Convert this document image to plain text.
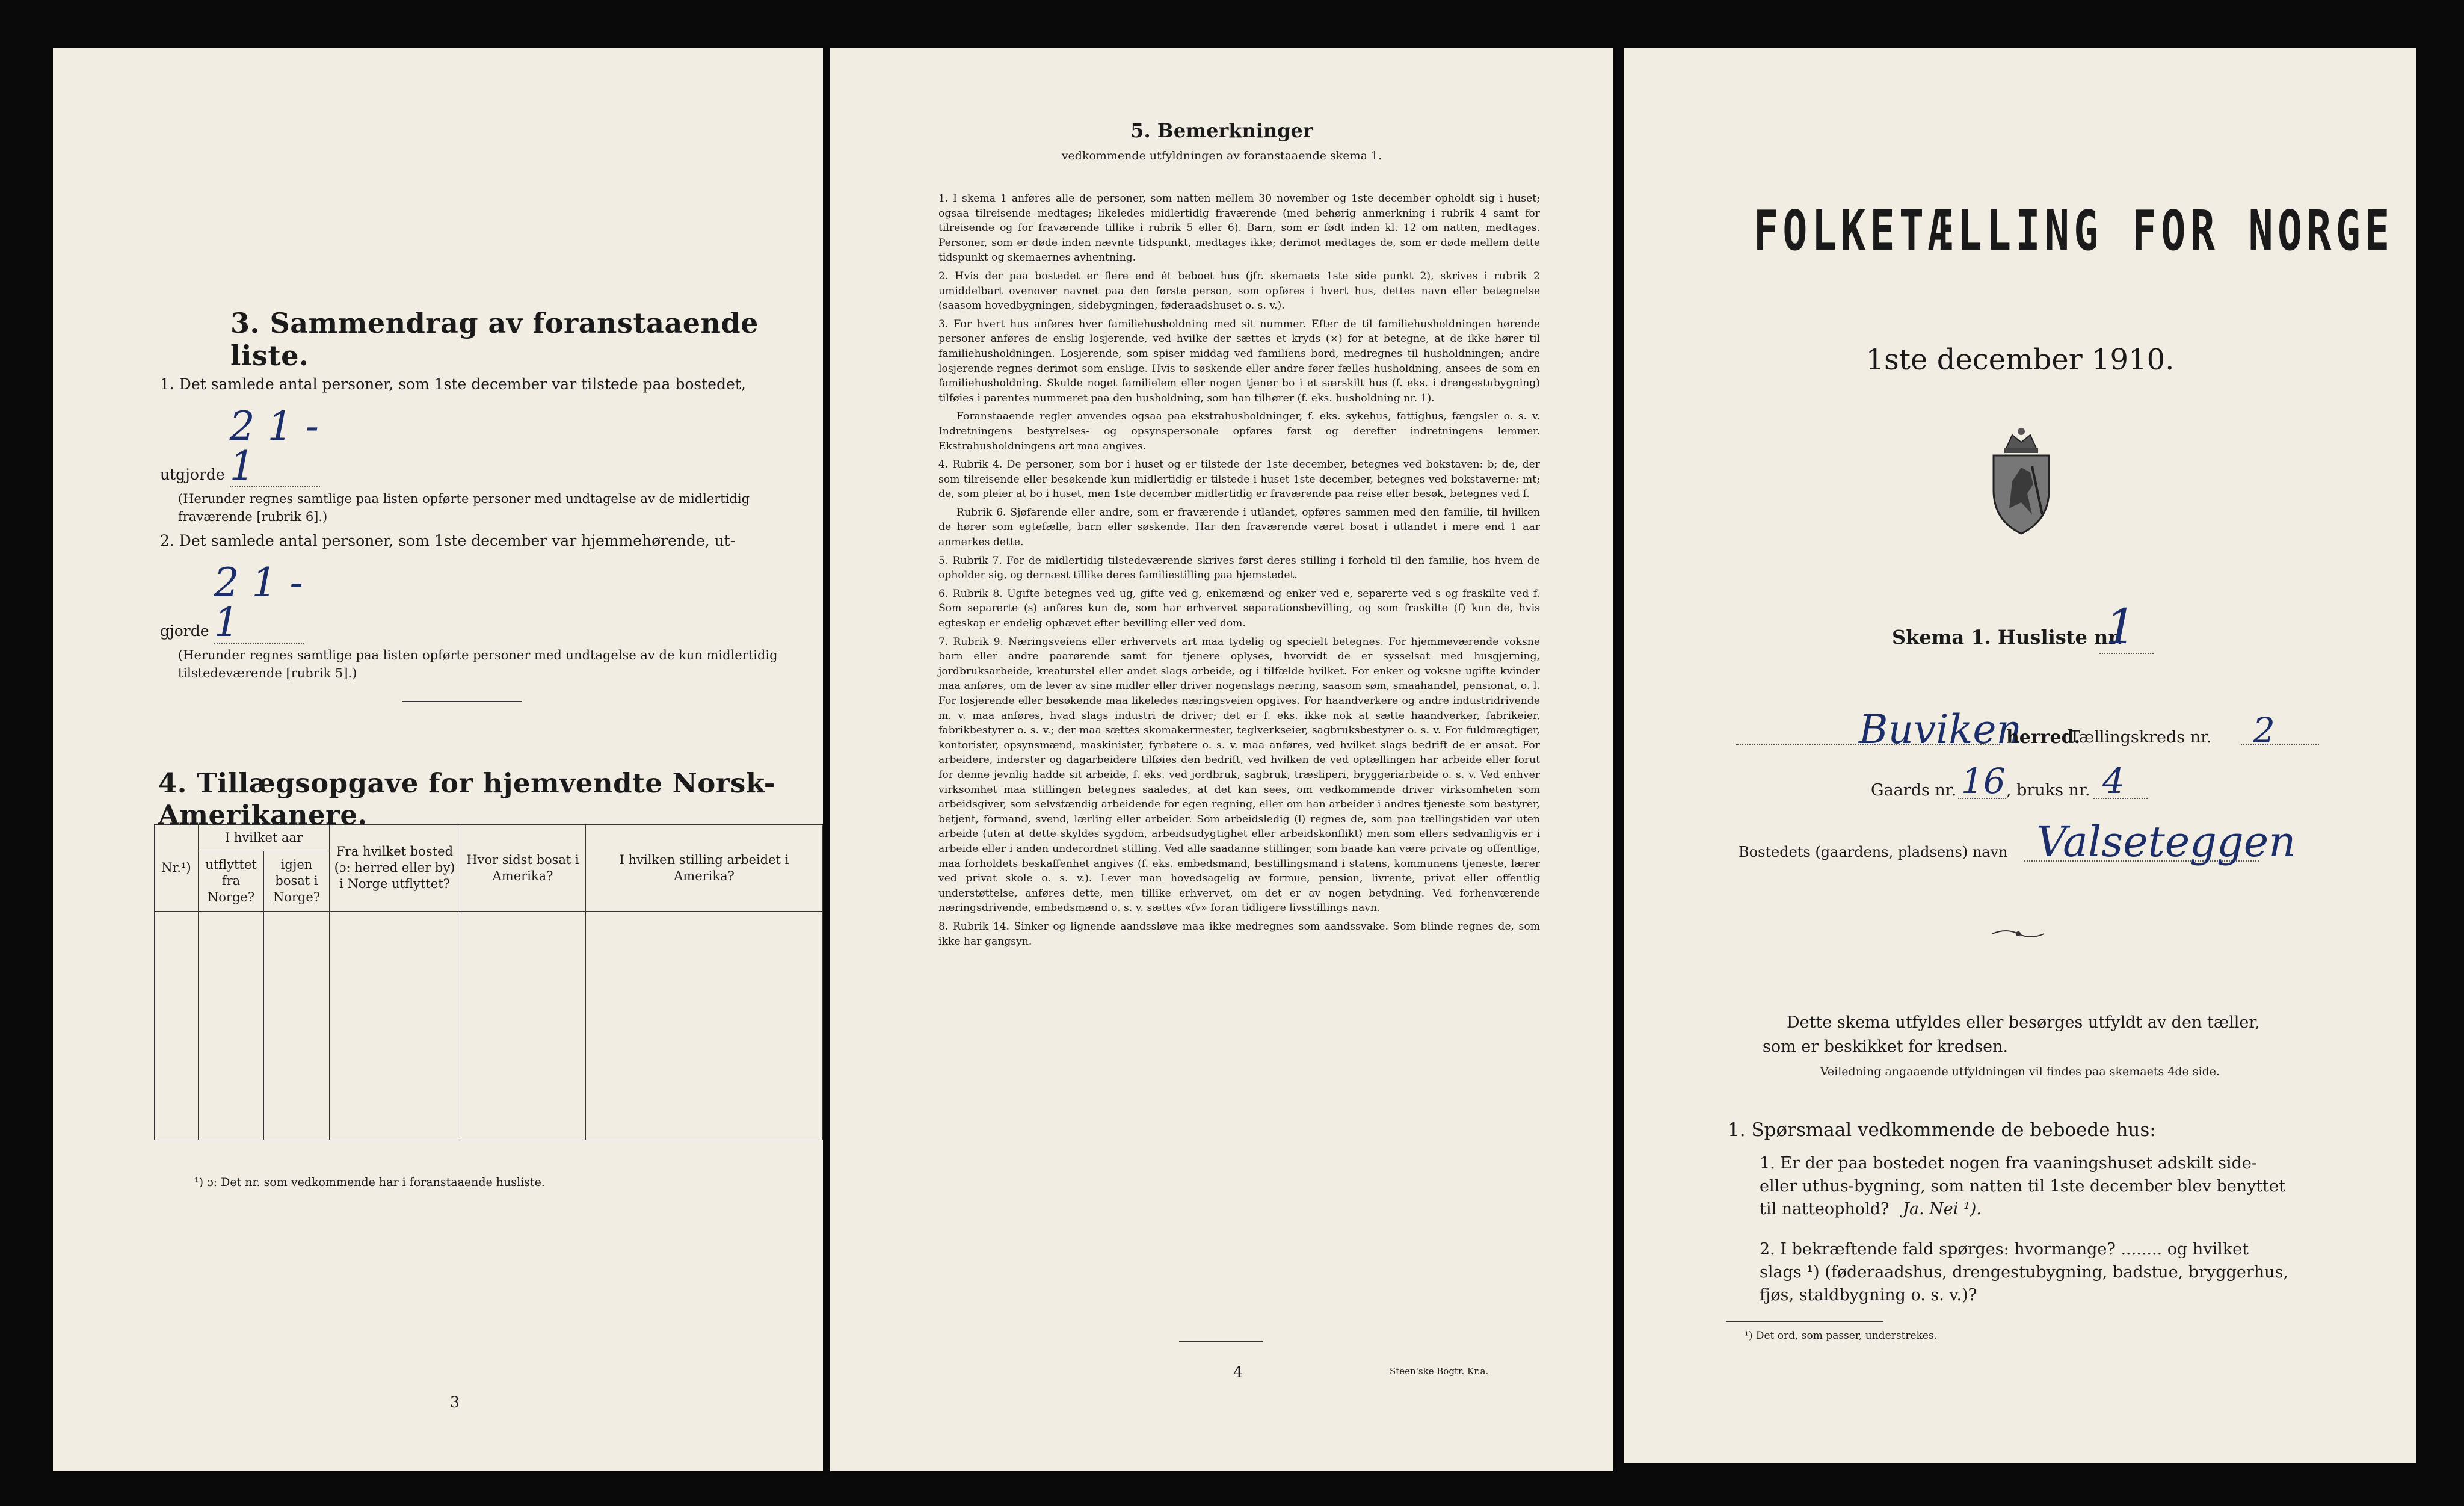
3. Sammendrag av foranstaaende liste.
1. Det samlede antal personer, som 1ste december var tilstede paa bostedet,
utgjorde 2 1 - 1
(Herunder regnes samtlige paa listen opførte personer med undtagelse av de midlertidig fraværende [rubrik 6].)
2. Det samlede antal personer, som 1ste december var hjemmehørende, ut-
gjorde 2 1 - 1
(Herunder regnes samtlige paa listen opførte personer med undtagelse av de kun midlertidig tilstedeværende [rubrik 5].)
4. Tillægsopgave for hjemvendte Norsk-Amerikanere.
Nr.¹)	I hvilket aar		Fra hvilket bosted (ɔ: herred eller by) i Norge utflyttet?	Hvor sidst bosat i Amerika?	I hvilken stilling arbeidet i Amerika?
	utflyttet fra Norge?	igjen bosat i Norge?			

¹) ɔ: Det nr. som vedkommende har i foranstaaende husliste.
3
5. Bemerkninger
vedkommende utfyldningen av foranstaaende skema 1.

1. I skema 1 anføres alle de personer, som natten mellem 30 november og 1ste december opholdt sig i huset; ogsaa tilreisende medtages; likeledes midlertidig fraværende (med behørig anmerkning i rubrik 4 samt for tilreisende og for fraværende tillike i rubrik 5 eller 6). Barn, som er født inden kl. 12 om natten, medtages. Personer, som er døde inden nævnte tidspunkt, medtages ikke; derimot medtages de, som er døde mellem dette tidspunkt og skemaernes avhentning.

2. Hvis der paa bostedet er flere end ét beboet hus (jfr. skemaets 1ste side punkt 2), skrives i rubrik 2 umiddelbart ovenover navnet paa den første person, som opføres i hvert hus, dettes navn eller betegnelse (saasom hovedbygningen, sidebygningen, føderaadshuset o. s. v.).

3. For hvert hus anføres hver familiehusholdning med sit nummer. Efter de til familiehusholdningen hørende personer anføres de enslig losjerende, ved hvilke der sættes et kryds (×) for at betegne, at de ikke hører til familiehusholdningen. Losjerende, som spiser middag ved familiens bord, medregnes til husholdningen; andre losjerende regnes derimot som enslige. Hvis to søskende eller andre fører fælles husholdning, ansees de som en familiehusholdning. Skulde noget familielem eller nogen tjener bo i et særskilt hus (f. eks. i drengestubygning) tilføies i parentes nummeret paa den husholdning, som han tilhører (f. eks. husholdning nr. 1).

Foranstaaende regler anvendes ogsaa paa ekstrahusholdninger, f. eks. sykehus, fattighus, fængsler o. s. v. Indretningens bestyrelses- og opsynspersonale opføres først og derefter indretningens lemmer. Ekstrahusholdningens art maa angives.

4. Rubrik 4. De personer, som bor i huset og er tilstede der 1ste december, betegnes ved bokstaven: b; de, der som tilreisende eller besøkende kun midlertidig er tilstede i huset 1ste december, betegnes ved bokstaverne: mt; de, som pleier at bo i huset, men 1ste december midlertidig er fraværende paa reise eller besøk, betegnes ved f.

Rubrik 6. Sjøfarende eller andre, som er fraværende i utlandet, opføres sammen med den familie, til hvilken de hører som egtefælle, barn eller søskende. Har den fraværende været bosat i utlandet i mere end 1 aar anmerkes dette.

5. Rubrik 7. For de midlertidig tilstedeværende skrives først deres stilling i forhold til den familie, hos hvem de opholder sig, og dernæst tillike deres familiestilling paa hjemstedet.

6. Rubrik 8. Ugifte betegnes ved ug, gifte ved g, enkemænd og enker ved e, separerte ved s og fraskilte ved f. Som separerte (s) anføres kun de, som har erhvervet separationsbevilling, og som fraskilte (f) kun de, hvis egteskap er endelig ophævet efter bevilling eller ved dom.

7. Rubrik 9. Næringsveiens eller erhvervets art maa tydelig og specielt betegnes. For hjemmeværende voksne barn eller andre paarørende samt for tjenere oplyses, hvorvidt de er sysselsat med husgjerning, jordbruksarbeide, kreaturstel eller andet slags arbeide, og i tilfælde hvilket. For enker og voksne ugifte kvinder maa anføres, om de lever av sine midler eller driver nogenslags næring, saasom søm, smaahandel, pensionat, o. l. For losjerende eller besøkende maa likeledes næringsveien opgives. For haandverkere og andre industridrivende m. v. maa anføres, hvad slags industri de driver; det er f. eks. ikke nok at sætte haandverker, fabrikeier, fabrikbestyrer o. s. v.; der maa sættes skomakermester, teglverkseier, sagbruksbestyrer o. s. v. For fuldmægtiger, kontorister, opsynsmænd, maskinister, fyrbøtere o. s. v. maa anføres, ved hvilket slags bedrift de er ansat. For arbeidere, inderster og dagarbeidere tilføies den bedrift, ved hvilken de ved optællingen har arbeide eller forut for denne jevnlig hadde sit arbeide, f. eks. ved jordbruk, sagbruk, træsliperi, bryggeriarbeide o. s. v. Ved enhver virksomhet maa stillingen betegnes saaledes, at det kan sees, om vedkommende driver virksomheten som arbeidsgiver, som selvstændig arbeidende for egen regning, eller om han arbeider i andres tjeneste som bestyrer, betjent, formand, svend, lærling eller arbeider. Som arbeidsledig (l) regnes de, som paa tællingstiden var uten arbeide (uten at dette skyldes sygdom, arbeidsudygtighet eller arbeidskonflikt) men som ellers sedvanligvis er i arbeide eller i anden underordnet stilling. Ved alle saadanne stillinger, som baade kan være private og offentlige, maa forholdets beskaffenhet angives (f. eks. embedsmand, bestillingsmand i statens, kommunens tjeneste, lærer ved privat skole o. s. v.). Lever man hovedsagelig av formue, pension, livrente, privat eller offentlig understøttelse, anføres dette, men tillike erhvervet, om det er av nogen betydning. Ved forhenværende næringsdrivende, embedsmænd o. s. v. sættes «fv» foran tidligere livsstillings navn.

8. Rubrik 14. Sinker og lignende aandssløve maa ikke medregnes som aandssvake. Som blinde regnes de, som ikke har gangsyn.

4	Steen'ske Bogtr. Kr.a.
FOLKETÆLLING FOR NORGE
1ste december 1910.
Skema 1. Husliste nr.
1
Buviken
herred.
Tællingskreds nr. 2
Gaards nr. 16 , bruks nr. 4
Bostedets (gaardens, pladsens) navn Valseteggen
Dette skema utfyldes eller besørges utfyldt av den tæller, som er beskikket for kredsen.
Veiledning angaaende utfyldningen vil findes paa skemaets 4de side.
1. Spørsmaal vedkommende de beboede hus:
1. Er der paa bostedet nogen fra vaaningshuset adskilt side- eller uthus-bygning, som natten til 1ste december blev benyttet til natteophold? Ja. Nei ¹).
2. I bekræftende fald spørges: hvormange? ........ og hvilket slags ¹) (føderaadshus, drengestubygning, badstue, bryggerhus, fjøs, staldbygning o. s. v.)?
¹) Det ord, som passer, understrekes.
